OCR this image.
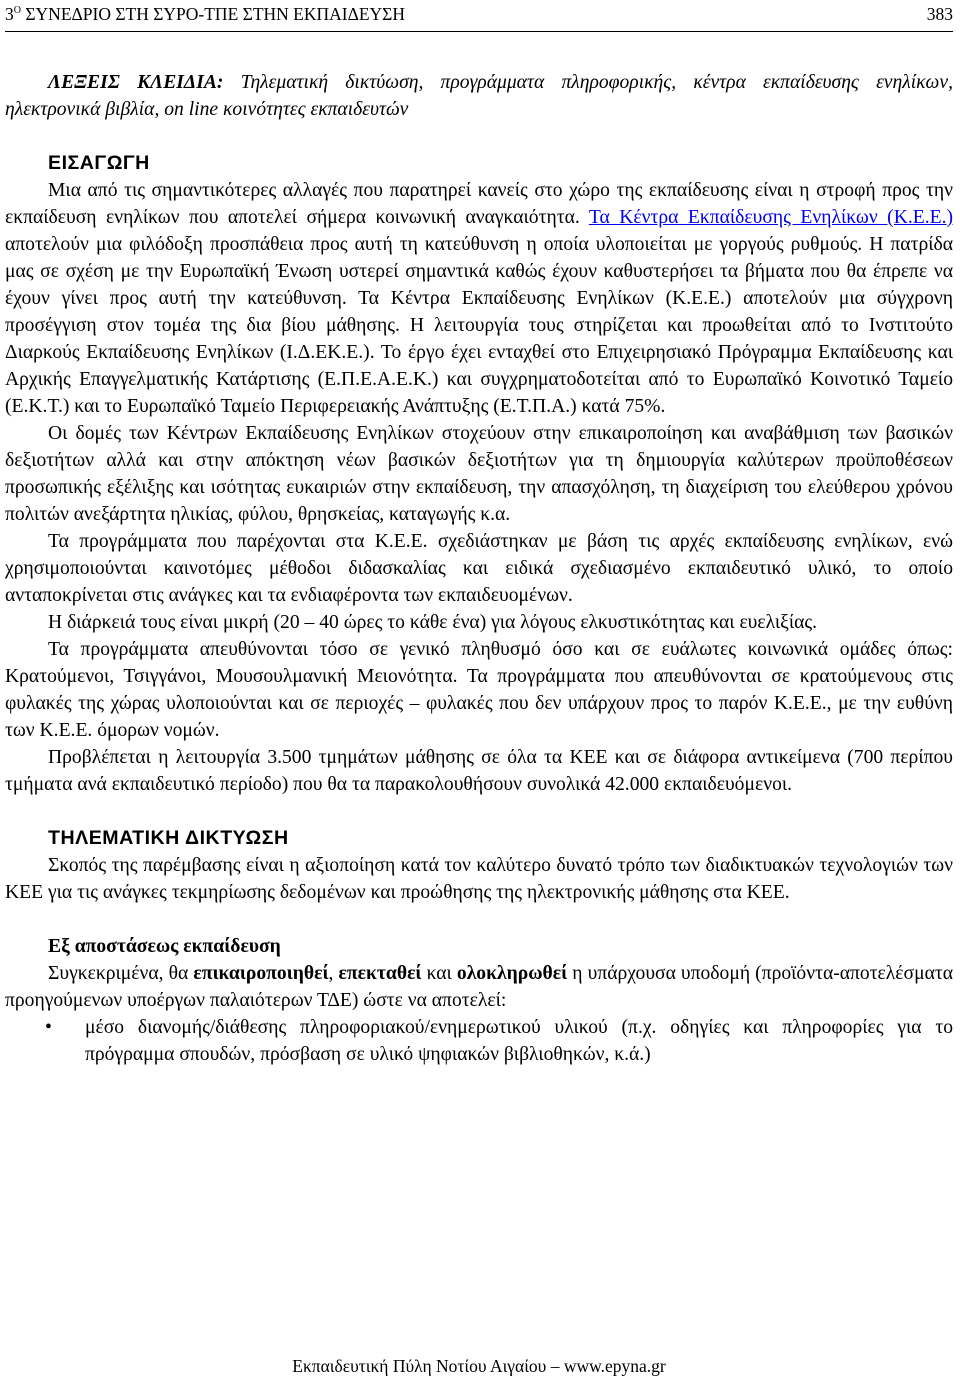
$3^O$ ΣΥΝΕΔΡΙΟ ΣΤΗ ΣΥΡΟ-ΤΠΕ ΣΤΗΝ ΕΚΠΑΙΔΕΥΣΗ	383

ΛΕΞΕΙΣ ΚΛΕΙΔΙΑ: Τηλεματική δικτύωση, προγράμματα πληροφορικής, κέντρα εκπαίδευσης ενηλίκων, ηλεκτρονικά βιβλία, on line κοινότητες εκπαιδευτών

ΕΙΣΑΓΩΓΗ

Μια από τις σημαντικότερες αλλαγές που παρατηρεί κανείς στο χώρο της εκπαίδευσης είναι η στροφή προς την εκπαίδευση ενηλίκων που αποτελεί σήμερα κοινωνική αναγκαιότητα. Τα Κέντρα Εκπαίδευσης Ενηλίκων (Κ.Ε.Ε.) αποτελούν μια φιλόδοξη προσπάθεια προς αυτή τη κατεύθυνση η οποία υλοποιείται με γοργούς ρυθμούς. Η πατρίδα μας σε σχέση με την Ευρωπαϊκή Ένωση υστερεί σημαντικά καθώς έχουν καθυστερήσει τα βήματα που θα έπρεπε να έχουν γίνει προς αυτή την κατεύθυνση. Τα Κέντρα Εκπαίδευσης Ενηλίκων (Κ.Ε.Ε.) αποτελούν μια σύγχρονη προσέγγιση στον τομέα της δια βίου μάθησης. Η λειτουργία τους στηρίζεται και προωθείται από το Ινστιτούτο Διαρκούς Εκπαίδευσης Ενηλίκων (Ι.Δ.ΕΚ.Ε.). Το έργο έχει ενταχθεί στο Επιχειρησιακό Πρόγραμμα Εκπαίδευσης και Αρχικής Επαγγελματικής Κατάρτισης (Ε.Π.Ε.Α.Ε.Κ.) και συγχρηματοδοτείται από το Ευρωπαϊκό Κοινοτικό Ταμείο (Ε.Κ.Τ.) και το Ευρωπαϊκό Ταμείο Περιφερειακής Ανάπτυξης (Ε.Τ.Π.Α.) κατά 75%.

Οι δομές των Κέντρων Εκπαίδευσης Ενηλίκων στοχεύουν στην επικαιροποίηση και αναβάθμιση των βασικών δεξιοτήτων αλλά και στην απόκτηση νέων βασικών δεξιοτήτων για τη δημιουργία καλύτερων προϋποθέσεων προσωπικής εξέλιξης και ισότητας ευκαιριών στην εκπαίδευση, την απασχόληση, τη διαχείριση του ελεύθερου χρόνου πολιτών ανεξάρτητα ηλικίας, φύλου, θρησκείας, καταγωγής κ.α.

Τα προγράμματα που παρέχονται στα Κ.Ε.Ε. σχεδιάστηκαν με βάση τις αρχές εκπαίδευσης ενηλίκων, ενώ χρησιμοποιούνται καινοτόμες μέθοδοι διδασκαλίας και ειδικά σχεδιασμένο εκπαιδευτικό υλικό, το οποίο ανταποκρίνεται στις ανάγκες και τα ενδιαφέροντα των εκπαιδευομένων.

Η διάρκειά τους είναι μικρή (20 – 40 ώρες το κάθε ένα) για λόγους ελκυστικότητας και ευελιξίας.

Τα προγράμματα απευθύνονται τόσο σε γενικό πληθυσμό όσο και σε ευάλωτες κοινωνικά ομάδες όπως: Κρατούμενοι, Τσιγγάνοι, Μουσουλμανική Μειονότητα. Τα προγράμματα που απευθύνονται σε κρατούμενους στις φυλακές της χώρας υλοποιούνται και σε περιοχές – φυλακές που δεν υπάρχουν προς το παρόν Κ.Ε.Ε., με την ευθύνη των Κ.Ε.Ε. όμορων νομών.

Προβλέπεται η λειτουργία 3.500 τμημάτων μάθησης σε όλα τα ΚΕΕ και σε διάφορα αντικείμενα (700 περίπου τμήματα ανά εκπαιδευτικό περίοδο) που θα τα παρακολουθήσουν συνολικά 42.000 εκπαιδευόμενοι.

ΤΗΛΕΜΑΤΙΚΗ ΔΙΚΤΥΩΣΗ

Σκοπός της παρέμβασης είναι η αξιοποίηση κατά τον καλύτερο δυνατό τρόπο των διαδικτυακών τεχνολογιών των ΚΕΕ για τις ανάγκες τεκμηρίωσης δεδομένων και προώθησης της ηλεκτρονικής μάθησης στα ΚΕΕ.

Εξ αποστάσεως εκπαίδευση

Συγκεκριμένα, θα επικαιροποιηθεί, επεκταθεί και ολοκληρωθεί η υπάρχουσα υποδομή (προϊόντα-αποτελέσματα προηγούμενων υποέργων παλαιότερων ΤΔΕ) ώστε να αποτελεί:

• μέσο διανομής/διάθεσης πληροφοριακού/ενημερωτικού υλικού (π.χ. οδηγίες και πληροφορίες για το πρόγραμμα σπουδών, πρόσβαση σε υλικό ψηφιακών βιβλιοθηκών, κ.ά.)
Εκπαιδευτική Πύλη Νοτίου Αιγαίου – www.epyna.gr
